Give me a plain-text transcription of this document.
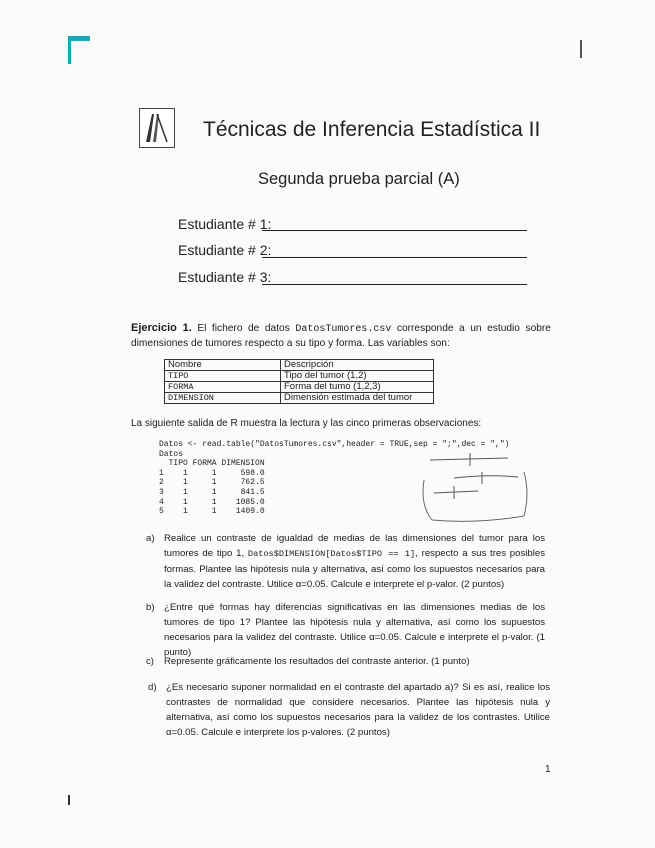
Técnicas de Inferencia Estadística II
Segunda prueba parcial (A)
Estudiante # 1:
Estudiante # 2:
Estudiante # 3:
Ejercicio 1. El fichero de datos DatosTumores.csv corresponde a un estudio sobre dimensiones de tumores respecto a su tipo y forma. Las variables son:
Nombre	Descripción
TIPO	Tipo del tumor (1,2)
FORMA	Forma del tumo (1,2,3)
DIMENSION	Dimensión estimada del tumor
La siguiente salida de R muestra la lectura y las cinco primeras observaciones:
Datos <- read.table("DatosTumores.csv",header = TRUE,sep = ";",dec = ",")
Datos
TIPO FORMA DIMENSION
1    1     1     598.0
2    1     1     762.5
3    1     1     841.5
4    1     1    1085.0
5    1     1    1409.0
a) Realice un contraste de igualdad de medias de las dimensiones del tumor para los tumores de tipo 1, Datos$DIMENSION[Datos$TIPO == 1], respecto a sus tres posibles formas. Plantee las hipótesis nula y alternativa, así como los supuestos necesarios para la validez del contraste. Utilice α=0.05. Calcule e interprete el p-valor. (2 puntos)
b) ¿Entre qué formas hay diferencias significativas en las dimensiones medias de los tumores de tipo 1? Plantee las hipótesis nula y alternativa, así como los supuestos necesarios para la validez del contraste. Utilice α=0.05. Calcule e interprete el p-valor. (1 punto)
c) Represente gráficamente los resultados del contraste anterior. (1 punto)
d) ¿Es necesario suponer normalidad en el contraste del apartado a)? Si es así, realice los contrastes de normalidad que considere necesarios. Plantee las hipótesis nula y alternativa, así como los supuestos necesarios para la validez de los contrastes. Utilice α=0.05. Calcule e interprete los p-valores. (2 puntos)
1
